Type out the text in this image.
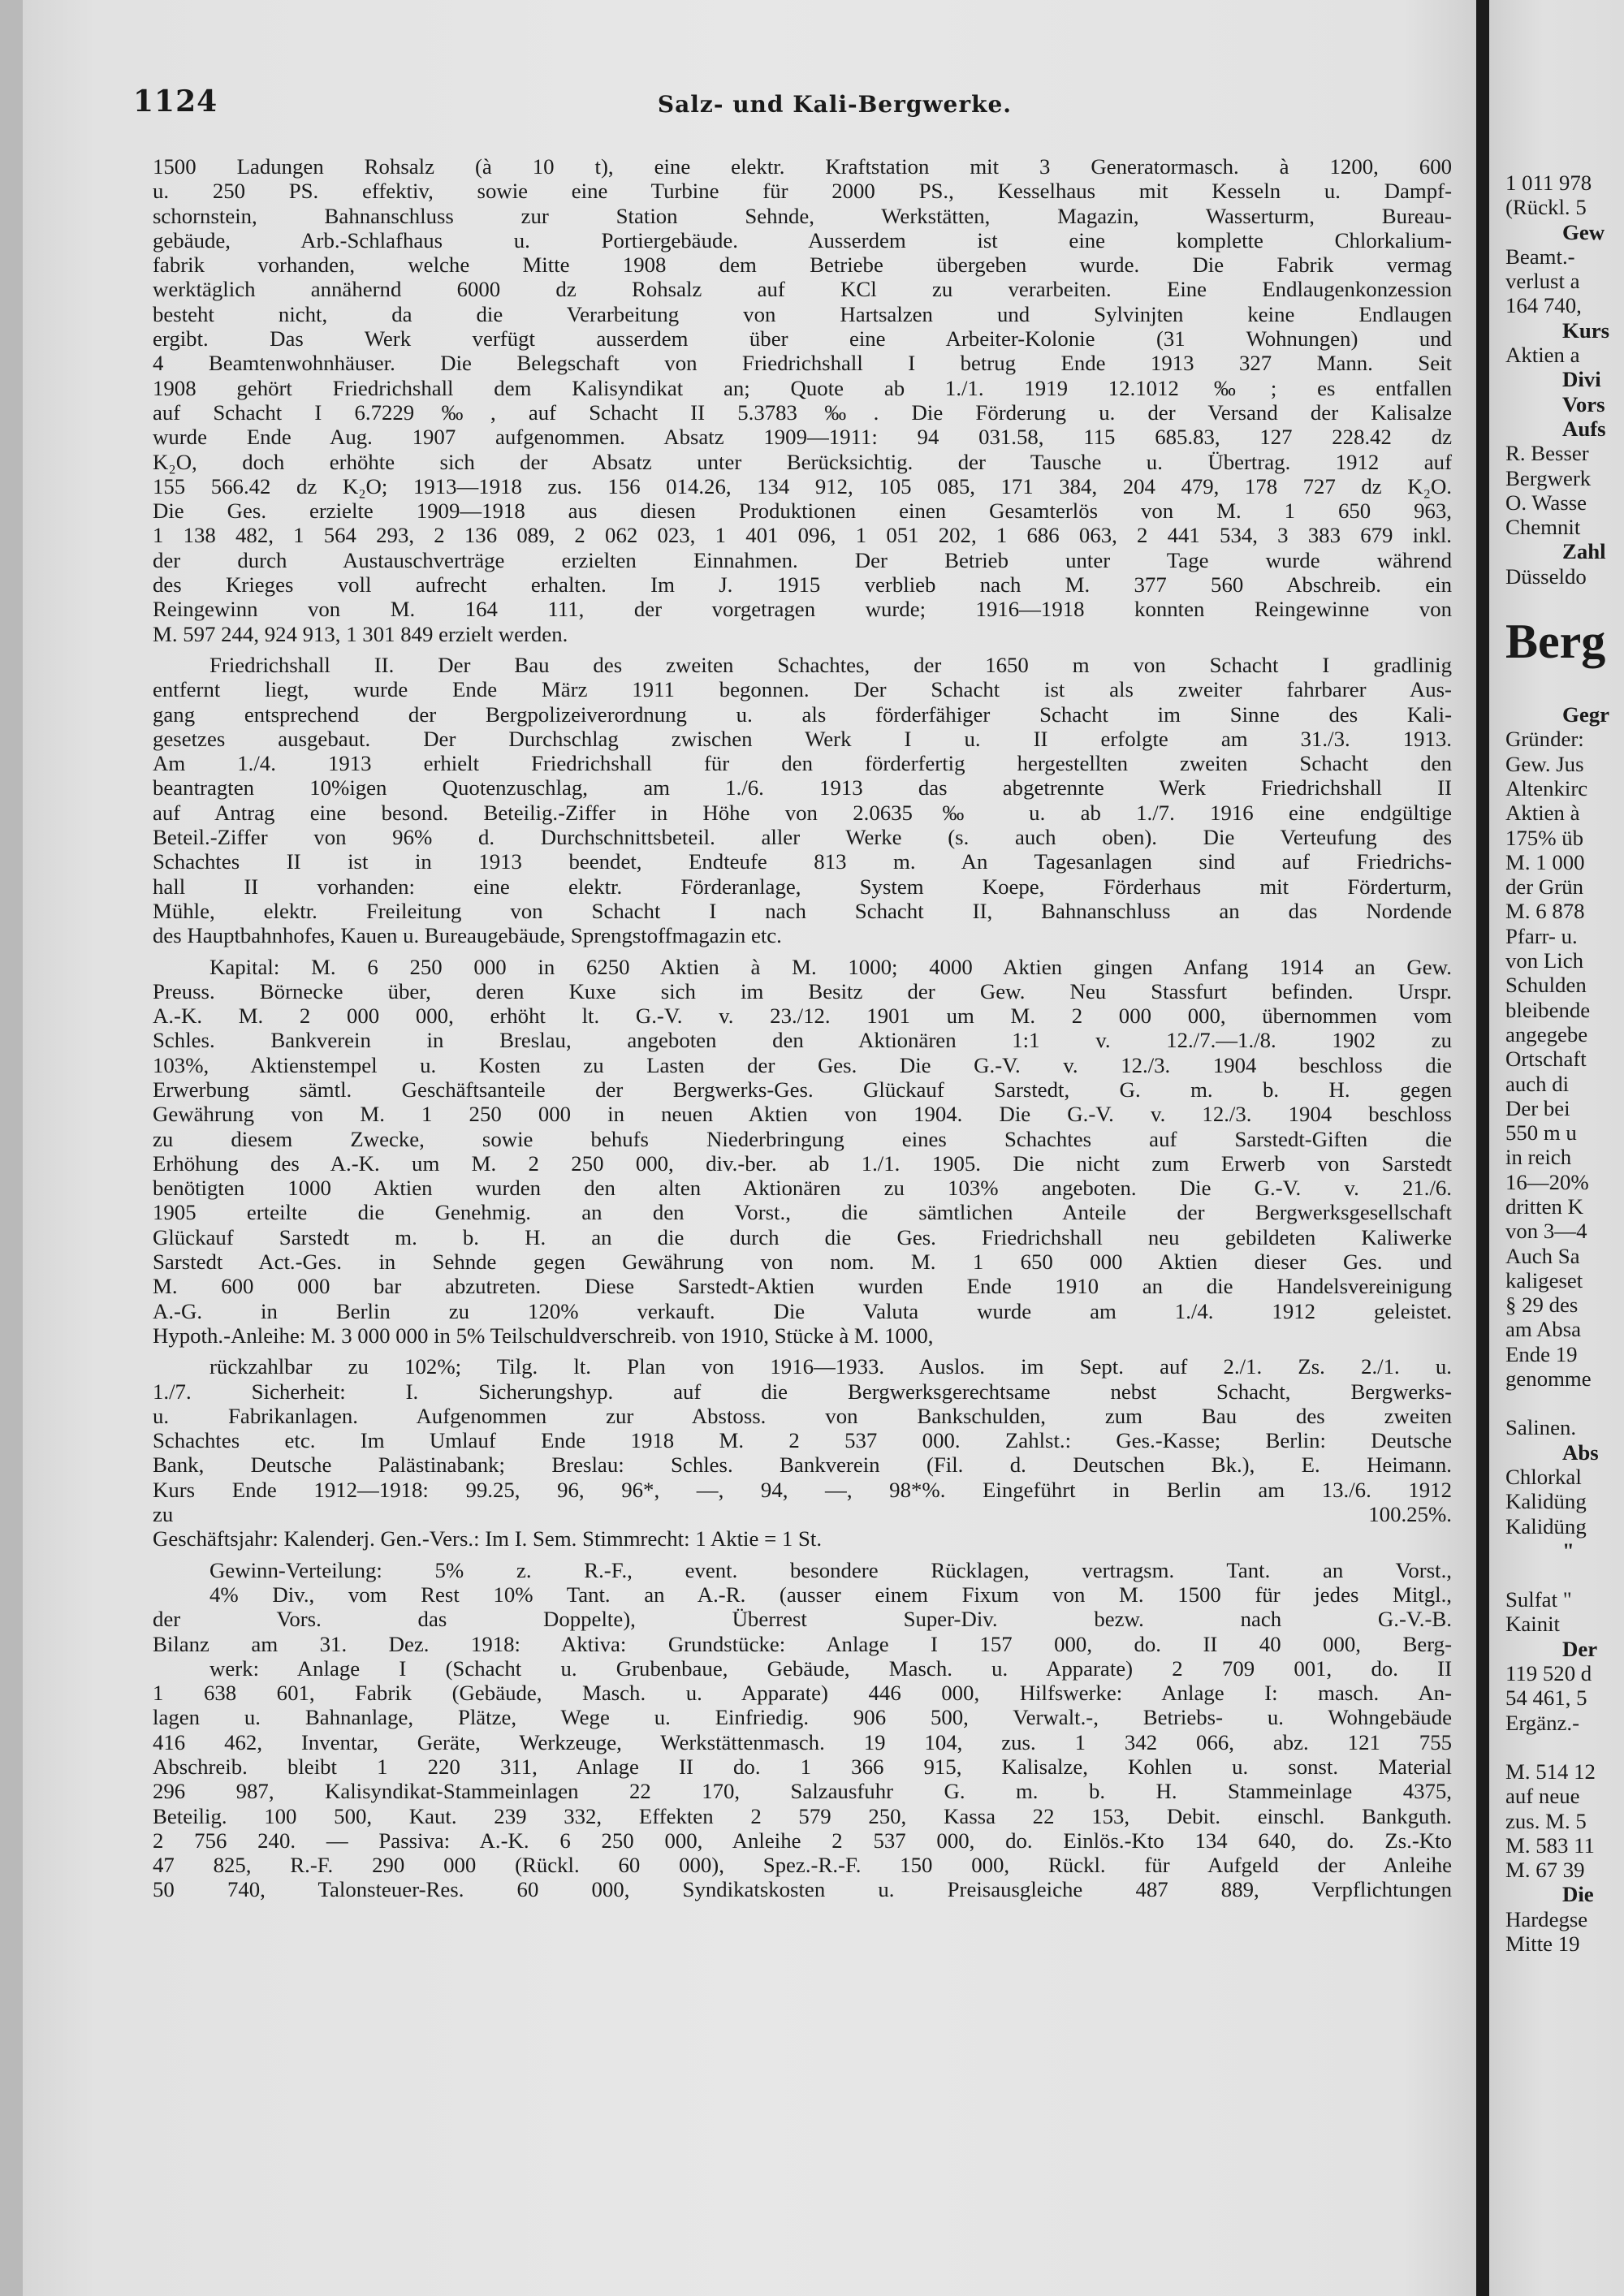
1124	Salz- und Kali-Bergwerke.
1500 Ladungen Rohsalz (à 10 t), eine elektr. Kraftstation mit 3 Generatormasch. à 1200, 600
u. 250 PS. effektiv, sowie eine Turbine für 2000 PS., Kesselhaus mit Kesseln u. Dampf-
schornstein, Bahnanschluss zur Station Sehnde, Werkstätten, Magazin, Wasserturm, Bureau-
gebäude, Arb.-Schlafhaus u. Portiergebäude. Ausserdem ist eine komplette Chlorkalium-
fabrik vorhanden, welche Mitte 1908 dem Betriebe übergeben wurde. Die Fabrik vermag
werktäglich annähernd 6000 dz Rohsalz auf KCl zu verarbeiten. Eine Endlaugenkonzession
besteht nicht, da die Verarbeitung von Hartsalzen und Sylvinjten keine Endlaugen
ergibt. Das Werk verfügt ausserdem über eine Arbeiter-Kolonie (31 Wohnungen) und
4 Beamtenwohnhäuser. Die Belegschaft von Friedrichshall I betrug Ende 1913 327 Mann. Seit
1908 gehört Friedrichshall dem Kalisyndikat an; Quote ab 1./1. 1919 12.1012‰; es entfallen
auf Schacht I 6.7229‰, auf Schacht II 5.3783‰. Die Förderung u. der Versand der Kalisalze
wurde Ende Aug. 1907 aufgenommen. Absatz 1909—1911: 94 031.58, 115 685.83, 127 228.42 dz
K₂O, doch erhöhte sich der Absatz unter Berücksichtig. der Tausche u. Übertrag. 1912 auf
155 566.42 dz K₂O; 1913—1918 zus. 156 014.26, 134 912, 105 085, 171 384, 204 479, 178 727 dz K₂O.
Die Ges. erzielte 1909—1918 aus diesen Produktionen einen Gesamterlös von M. 1 650 963,
1 138 482, 1 564 293, 2 136 089, 2 062 023, 1 401 096, 1 051 202, 1 686 063, 2 441 534, 3 383 679 inkl.
der durch Austauschverträge erzielten Einnahmen. Der Betrieb unter Tage wurde während
des Krieges voll aufrecht erhalten. Im J. 1915 verblieb nach M. 377 560 Abschreib. ein
Reingewinn von M. 164 111, der vorgetragen wurde; 1916—1918 konnten Reingewinne von
M. 597 244, 924 913, 1 301 849 erzielt werden.
Friedrichshall II. Der Bau des zweiten Schachtes, der 1650 m von Schacht I gradlinig
entfernt liegt, wurde Ende März 1911 begonnen. Der Schacht ist als zweiter fahrbarer Aus-
gang entsprechend der Bergpolizeiverordnung u. als förderfähiger Schacht im Sinne des Kali-
gesetzes ausgebaut. Der Durchschlag zwischen Werk I u. II erfolgte am 31./3. 1913.
Am 1./4. 1913 erhielt Friedrichshall für den förderfertig hergestellten zweiten Schacht den
beantragten 10%igen Quotenzuschlag, am 1./6. 1913 das abgetrennte Werk Friedrichshall II
auf Antrag eine besond. Beteilig.-Ziffer in Höhe von 2.0635‰ u. ab 1./7. 1916 eine endgültige
Beteil.-Ziffer von 96% d. Durchschnittsbeteil. aller Werke (s. auch oben). Die Verteufung des
Schachtes II ist in 1913 beendet, Endteufe 813 m. An Tagesanlagen sind auf Friedrichs-
hall II vorhanden: eine elektr. Förderanlage, System Koepe, Förderhaus mit Förderturm,
Mühle, elektr. Freileitung von Schacht I nach Schacht II, Bahnanschluss an das Nordende
des Hauptbahnhofes, Kauen u. Bureaugebäude, Sprengstoffmagazin etc.
Kapital: M. 6 250 000 in 6250 Aktien à M. 1000; 4000 Aktien gingen Anfang 1914 an Gew.
Preuss. Börnecke über, deren Kuxe sich im Besitz der Gew. Neu Stassfurt befinden. Urspr.
A.-K. M. 2 000 000, erhöht lt. G.-V. v. 23./12. 1901 um M. 2 000 000, übernommen vom
Schles. Bankverein in Breslau, angeboten den Aktionären 1:1 v. 12./7.—1./8. 1902 zu
103%, Aktienstempel u. Kosten zu Lasten der Ges. Die G.-V. v. 12./3. 1904 beschloss die
Erwerbung sämtl. Geschäftsanteile der Bergwerks-Ges. Glückauf Sarstedt, G. m. b. H. gegen
Gewährung von M. 1 250 000 in neuen Aktien von 1904. Die G.-V. v. 12./3. 1904 beschloss
zu diesem Zwecke, sowie behufs Niederbringung eines Schachtes auf Sarstedt-Giften die
Erhöhung des A.-K. um M. 2 250 000, div.-ber. ab 1./1. 1905. Die nicht zum Erwerb von Sarstedt
benötigten 1000 Aktien wurden den alten Aktionären zu 103% angeboten. Die G.-V. v. 21./6.
1905 erteilte die Genehmig. an den Vorst., die sämtlichen Anteile der Bergwerksgesellschaft
Glückauf Sarstedt m. b. H. an die durch die Ges. Friedrichshall neu gebildeten Kaliwerke
Sarstedt Act.-Ges. in Sehnde gegen Gewährung von nom. M. 1 650 000 Aktien dieser Ges. und
M. 600 000 bar abzutreten. Diese Sarstedt-Aktien wurden Ende 1910 an die Handelsvereinigung
A.-G. in Berlin zu 120% verkauft. Die Valuta wurde am 1./4. 1912 geleistet.
Hypoth.-Anleihe: M. 3 000 000 in 5% Teilschuldverschreib. von 1910, Stücke à M. 1000,
rückzahlbar zu 102%; Tilg. lt. Plan von 1916—1933. Auslos. im Sept. auf 2./1. Zs. 2./1. u.
1./7. Sicherheit: I. Sicherungshyp. auf die Bergwerksgerechtsame nebst Schacht, Bergwerks-
u. Fabrikanlagen. Aufgenommen zur Abstoss. von Bankschulden, zum Bau des zweiten
Schachtes etc. Im Umlauf Ende 1918 M. 2 537 000. Zahlst.: Ges.-Kasse; Berlin: Deutsche
Bank, Deutsche Palästinabank; Breslau: Schles. Bankverein (Fil. d. Deutschen Bk.), E. Heimann.
Kurs Ende 1912—1918: 99.25, 96, 96*, —, 94, —, 98*%. Eingeführt in Berlin am 13./6. 1912
zu 100.25%.
Geschäftsjahr: Kalenderj. Gen.-Vers.: Im I. Sem. Stimmrecht: 1 Aktie = 1 St.
Gewinn-Verteilung: 5% z. R.-F., event. besondere Rücklagen, vertragsm. Tant. an Vorst.,
4% Div., vom Rest 10% Tant. an A.-R. (ausser einem Fixum von M. 1500 für jedes Mitgl.,
der Vors. das Doppelte), Überrest Super-Div. bezw. nach G.-V.-B.
Bilanz am 31. Dez. 1918: Aktiva: Grundstücke: Anlage I 157 000, do. II 40 000, Berg-
werk: Anlage I (Schacht u. Grubenbaue, Gebäude, Masch. u. Apparate) 2 709 001, do. II
1 638 601, Fabrik (Gebäude, Masch. u. Apparate) 446 000, Hilfswerke: Anlage I: masch. An-
lagen u. Bahnanlage, Plätze, Wege u. Einfriedig. 906 500, Verwalt.-, Betriebs- u. Wohngebäude
416 462, Inventar, Geräte, Werkzeuge, Werkstättenmasch. 19 104, zus. 1 342 066, abz. 121 755
Abschreib. bleibt 1 220 311, Anlage II do. 1 366 915, Kalisalze, Kohlen u. sonst. Material
296 987, Kalisyndikat-Stammeinlagen 22 170, Salzausfuhr G. m. b. H. Stammeinlage 4375,
Beteilig. 100 500, Kaut. 239 332, Effekten 2 579 250, Kassa 22 153, Debit. einschl. Bankguth.
2 756 240. — Passiva: A.-K. 6 250 000, Anleihe 2 537 000, do. Einlös.-Kto 134 640, do. Zs.-Kto
47 825, R.-F. 290 000 (Rückl. 60 000), Spez.-R.-F. 150 000, Rückl. für Aufgeld der Anleihe
50 740, Talonsteuer-Res. 60 000, Syndikatskosten u. Preisausgleiche 487 889, Verpflichtungen
1 011 978
(Rückl. 5
Gew
Beamt.-
verlust a
164 740,
Kurs
Aktien a
Divi
Vors
Aufs
R. Besser
Bergwerk
O. Wasse
Chemnit
Zahl
Düsseldo
Berg
Gegr
Gründer:
Gew. Jus
Altenkirc
Aktien à
175% üb
M. 1 000
der Grün
M. 6 878
Pfarr- u.
von Lich
Schulden
bleibende
angegebe
Ortschaft
auch di
Der bei
550 m u
in reich
16—20%
dritten K
von 3—4
Auch Sa
kaligeset
§ 29 des
am Absa
Ende 19
genomme
Salinen.
Abs
Chlorkal
Kalidüng
Kalidüng
"
Sulfat "
Kainit
Der
119 520 d
54 461, 5
Ergänz.-
M. 514 12
auf neue
zus. M. 5
M. 583 11
M. 67 39
Die
Hardegse
Mitte 19
